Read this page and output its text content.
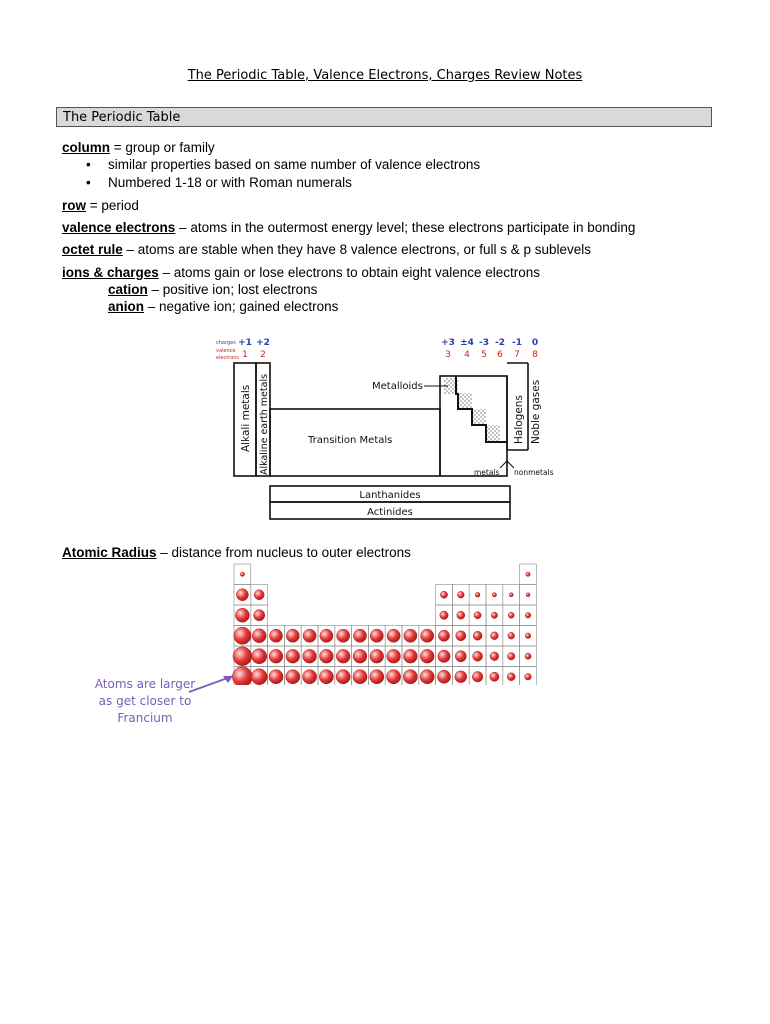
The Periodic Table, Valence Electrons, Charges Review Notes
The Periodic Table
column = group or family
• similar properties based on same number of valence electrons
• Numbered 1-18 or with Roman numerals
row = period
valence electrons – atoms in the outermost energy level; these electrons participate in bonding
octet rule – atoms are stable when they have 8 valence electrons, or full s & p sublevels
ions & charges – atoms gain or lose electrons to obtain eight valence electrons
cation – positive ion; lost electrons
anion – negative ion; gained electrons
charges
valence
electrons
+1 +2
1 2
+3 ±4 -3 -2 -1 0
3 4 5 6 7 8
Alkali metals Alkaline earth metals	Metalloids
Transition Metals	Halogens Noble gases
metals nonmetals
Lanthanides
Actinides
Atomic Radius – distance from nucleus to outer electrons
Atoms are larger
as get closer to
Francium
